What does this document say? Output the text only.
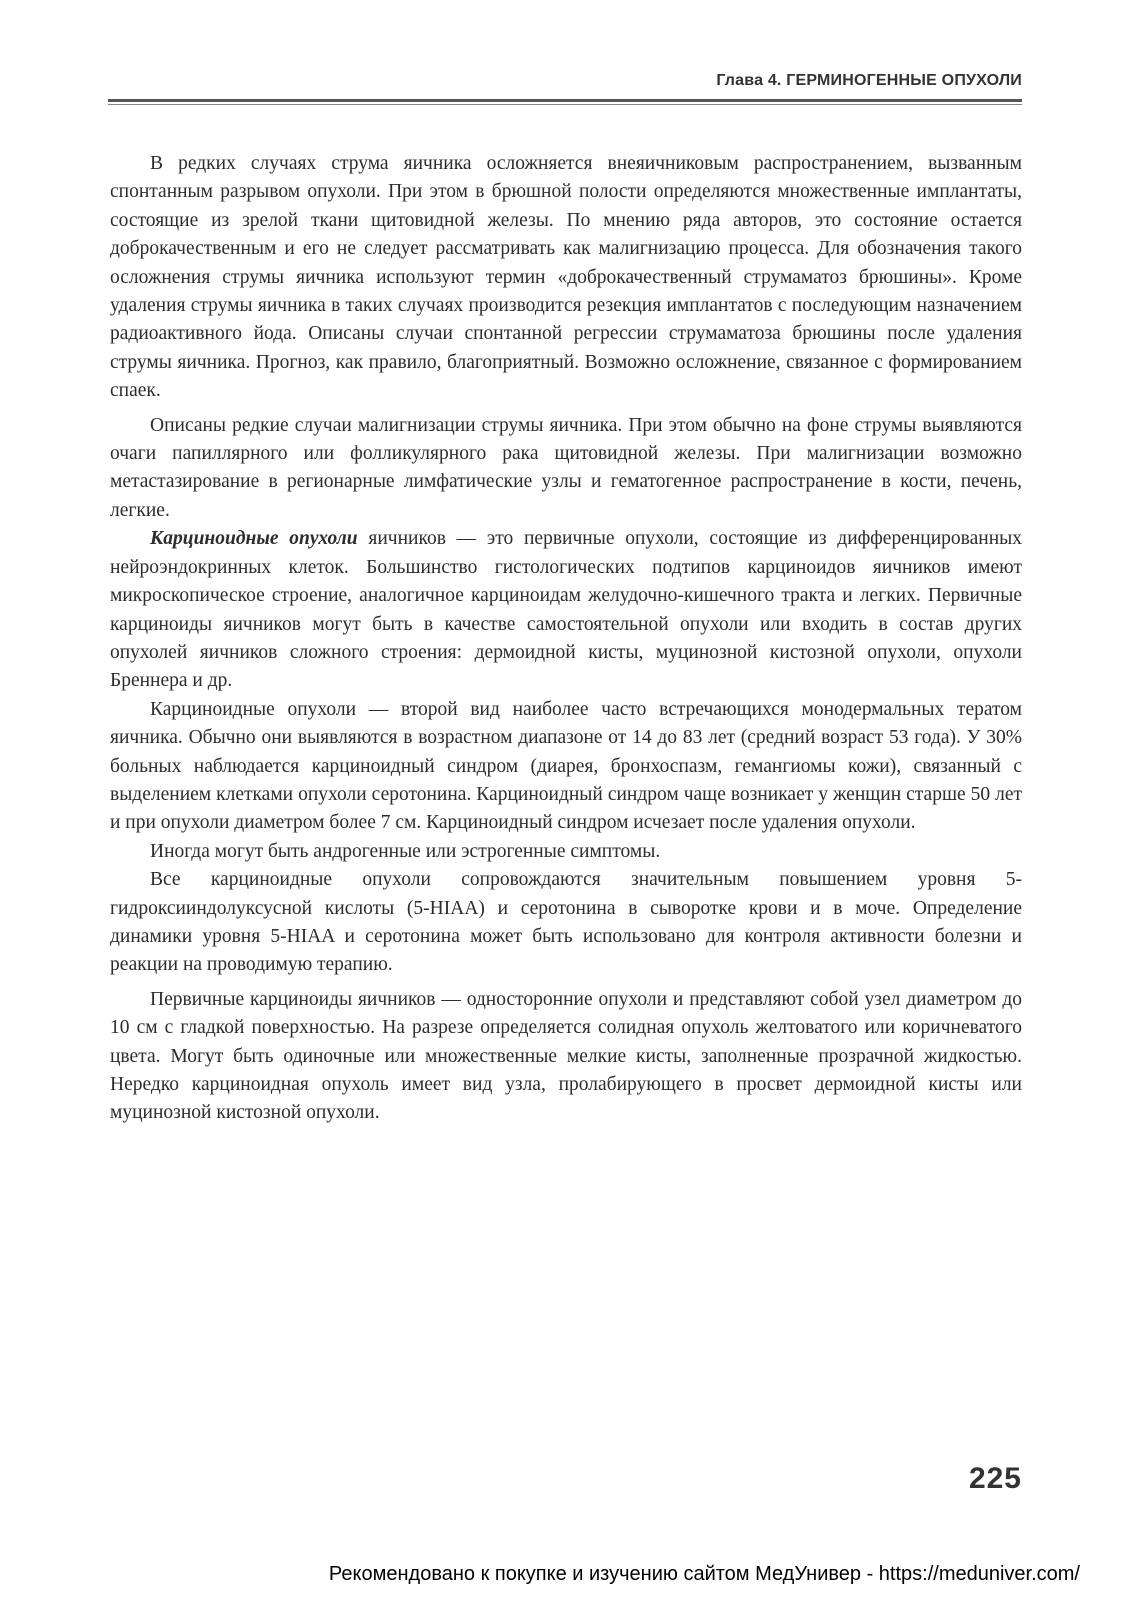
Глава 4. ГЕРМИНОГЕННЫЕ ОПУХОЛИ

В редких случаях струма яичника осложняется внеяичниковым распространением, вызванным спонтанным разрывом опухоли. При этом в брюшной полости определяются множественные имплантаты, состоящие из зрелой ткани щитовидной железы. По мнению ряда авторов, это состояние остается доброкачественным и его не следует рассматривать как малигнизацию процесса. Для обозначения такого осложнения струмы яичника используют термин «доброкачественный струмаматоз брюшины». Кроме удаления струмы яичника в таких случаях производится резекция имплантатов с последующим назначением радиоактивного йода. Описаны случаи спонтанной регрессии струмаматоза брюшины после удаления струмы яичника. Прогноз, как правило, благоприятный. Возможно осложнение, связанное с формированием спаек.

Описаны редкие случаи малигнизации струмы яичника. При этом обычно на фоне струмы выявляются очаги папиллярного или фолликулярного рака щитовидной железы. При малигнизации возможно метастазирование в регионарные лимфатические узлы и гематогенное распространение в кости, печень, легкие.

Карциноидные опухоли яичников — это первичные опухоли, состоящие из дифференцированных нейроэндокринных клеток. Большинство гистологических подтипов карциноидов яичников имеют микроскопическое строение, аналогичное карциноидам желудочно-кишечного тракта и легких. Первичные карциноиды яичников могут быть в качестве самостоятельной опухоли или входить в состав других опухолей яичников сложного строения: дермоидной кисты, муцинозной кистозной опухоли, опухоли Бреннера и др.

Карциноидные опухоли — второй вид наиболее часто встречающихся монодермальных тератом яичника. Обычно они выявляются в возрастном диапазоне от 14 до 83 лет (средний возраст 53 года). У 30% больных наблюдается карциноидный синдром (диарея, бронхоспазм, гемангиомы кожи), связанный с выделением клетками опухоли серотонина. Карциноидный синдром чаще возникает у женщин старше 50 лет и при опухоли диаметром более 7 см. Карциноидный синдром исчезает после удаления опухоли.

Иногда могут быть андрогенные или эстрогенные симптомы.

Все карциноидные опухоли сопровождаются значительным повышением уровня 5-гидроксииндолуксусной кислоты (5-HIAA) и серотонина в сыворотке крови и в моче. Определение динамики уровня 5-HIAA и серотонина может быть использовано для контроля активности болезни и реакции на проводимую терапию.

Первичные карциноиды яичников — односторонние опухоли и представляют собой узел диаметром до 10 см с гладкой поверхностью. На разрезе определяется солидная опухоль желтоватого или коричневатого цвета. Могут быть одиночные или множественные мелкие кисты, заполненные прозрачной жидкостью. Нередко карциноидная опухоль имеет вид узла, пролабирующего в просвет дермоидной кисты или муцинозной кистозной опухоли.

225
Рекомендовано к покупке и изучению сайтом МедУнивер - https://meduniver.com/
